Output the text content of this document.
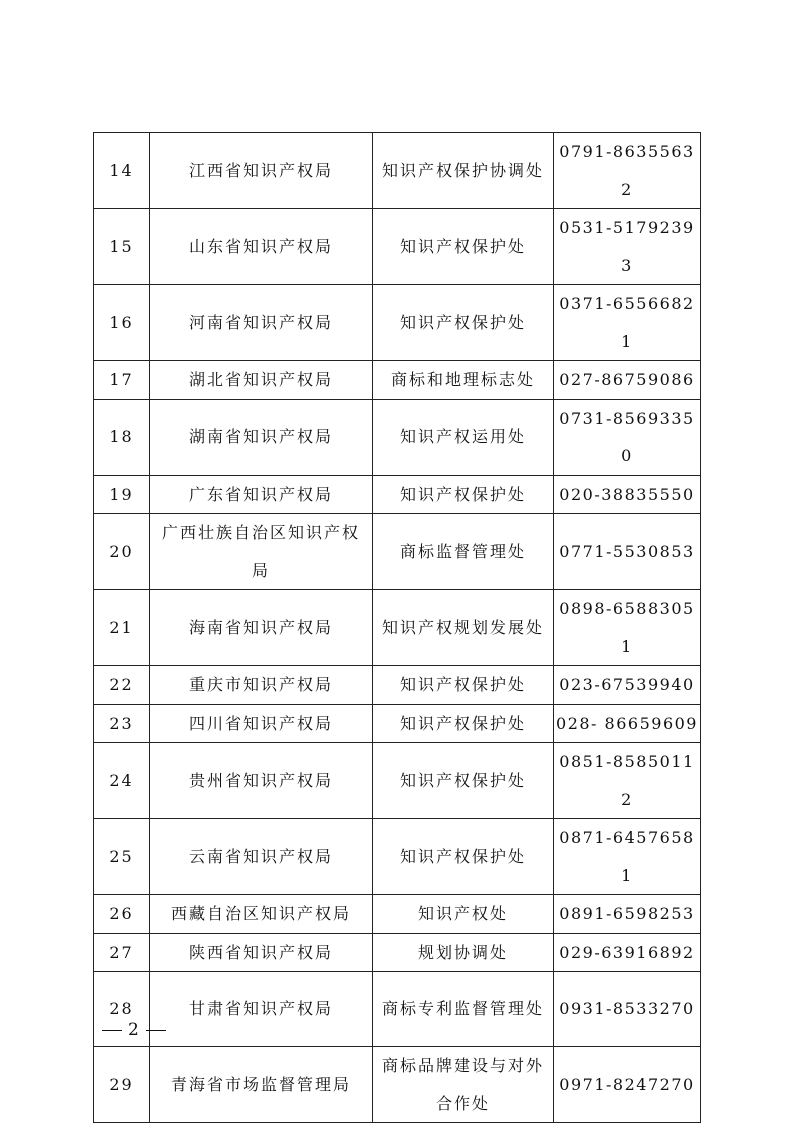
14	江西省知识产权局	知识产权保护协调处	0791-86355632

15	山东省知识产权局	知识产权保护处	0531-51792393

16	河南省知识产权局	知识产权保护处	0371-65566821

17	湖北省知识产权局	商标和地理标志处	027-86759086

18	湖南省知识产权局	知识产权运用处	0731-85693350

19	广东省知识产权局	知识产权保护处	020-38835550

20	广西壮族自治区知识产权局	商标监督管理处	0771-5530853

21	海南省知识产权局	知识产权规划发展处	0898-65883051

22	重庆市知识产权局	知识产权保护处	023-67539940

23	四川省知识产权局	知识产权保护处	028- 86659609

24	贵州省知识产权局	知识产权保护处	0851-85850112

25	云南省知识产权局	知识产权保护处	0871-64576581

26	西藏自治区知识产权局	知识产权处	0891-6598253

27	陕西省知识产权局	规划协调处	029-63916892

28	甘肃省知识产权局	商标专利监督管理处	0931-8533270

29	青海省市场监督管理局	商标品牌建设与对外合作处	0971-8247270
2
